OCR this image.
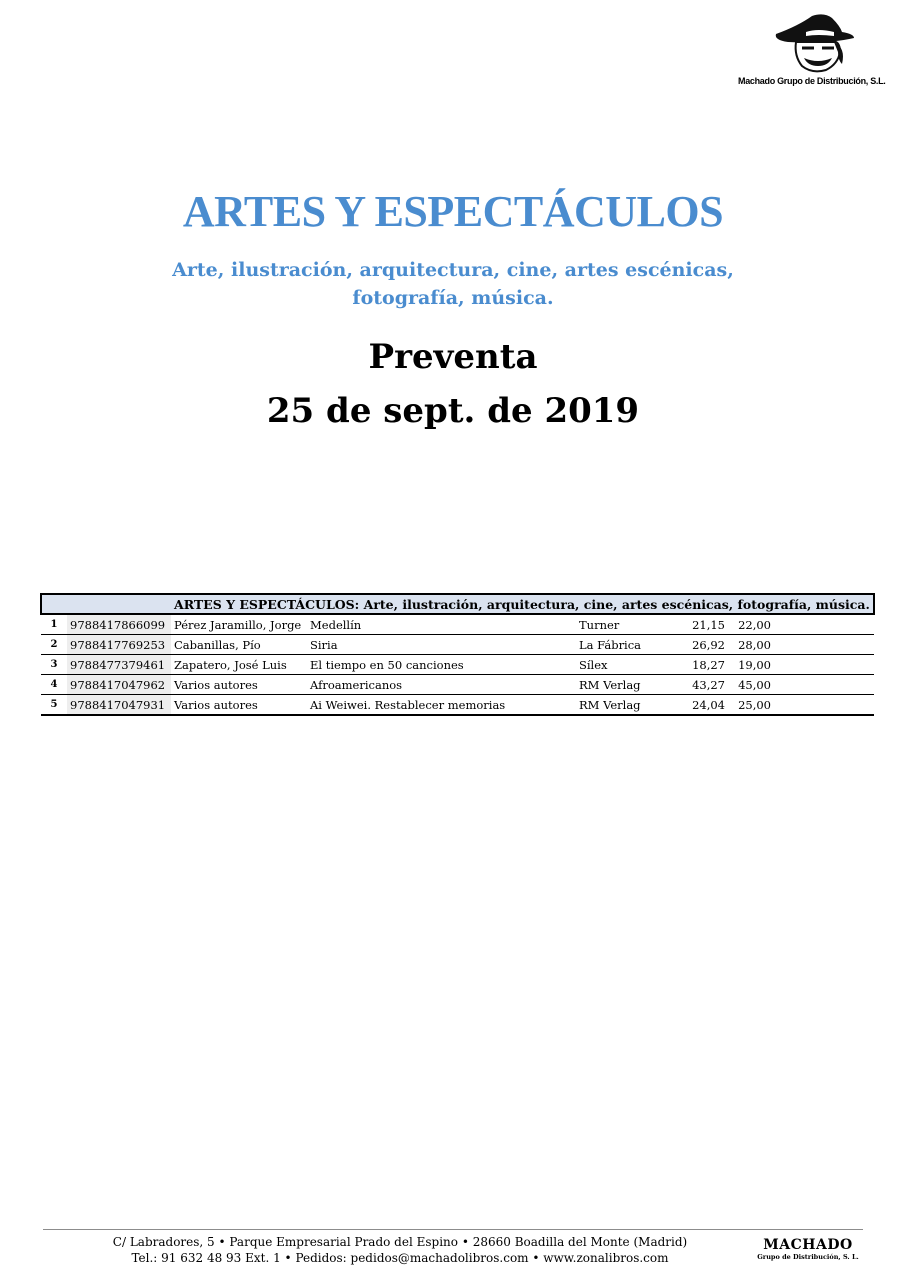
Machado Grupo de Distribución, S.L.
ARTES Y ESPECTÁCULOS
Arte, ilustración, arquitectura, cine, artes escénicas, fotografía, música.
Preventa
25 de sept. de 2019
		ARTES Y ESPECTÁCULOS: Arte, ilustración, arquitectura, cine, artes escénicas, fotografía, música.					
1	9788417866099	Pérez Jaramillo, Jorge	Medellín	Turner	21,15	22,00	
2	9788417769253	Cabanillas, Pío	Siria	La Fábrica	26,92	28,00	
3	9788477379461	Zapatero, José Luis	El tiempo en 50 canciones	Sílex	18,27	19,00	
4	9788417047962	Varios autores	Afroamericanos	RM Verlag	43,27	45,00	
5	9788417047931	Varios autores	Ai Weiwei. Restablecer memorias	RM Verlag	24,04	25,00	
C/ Labradores, 5 • Parque Empresarial Prado del Espino • 28660 Boadilla del Monte (Madrid)
Tel.: 91 632 48 93 Ext. 1 • Pedidos: pedidos@machadolibros.com • www.zonalibros.com
MACHADO
Grupo de Distribución, S. L.
